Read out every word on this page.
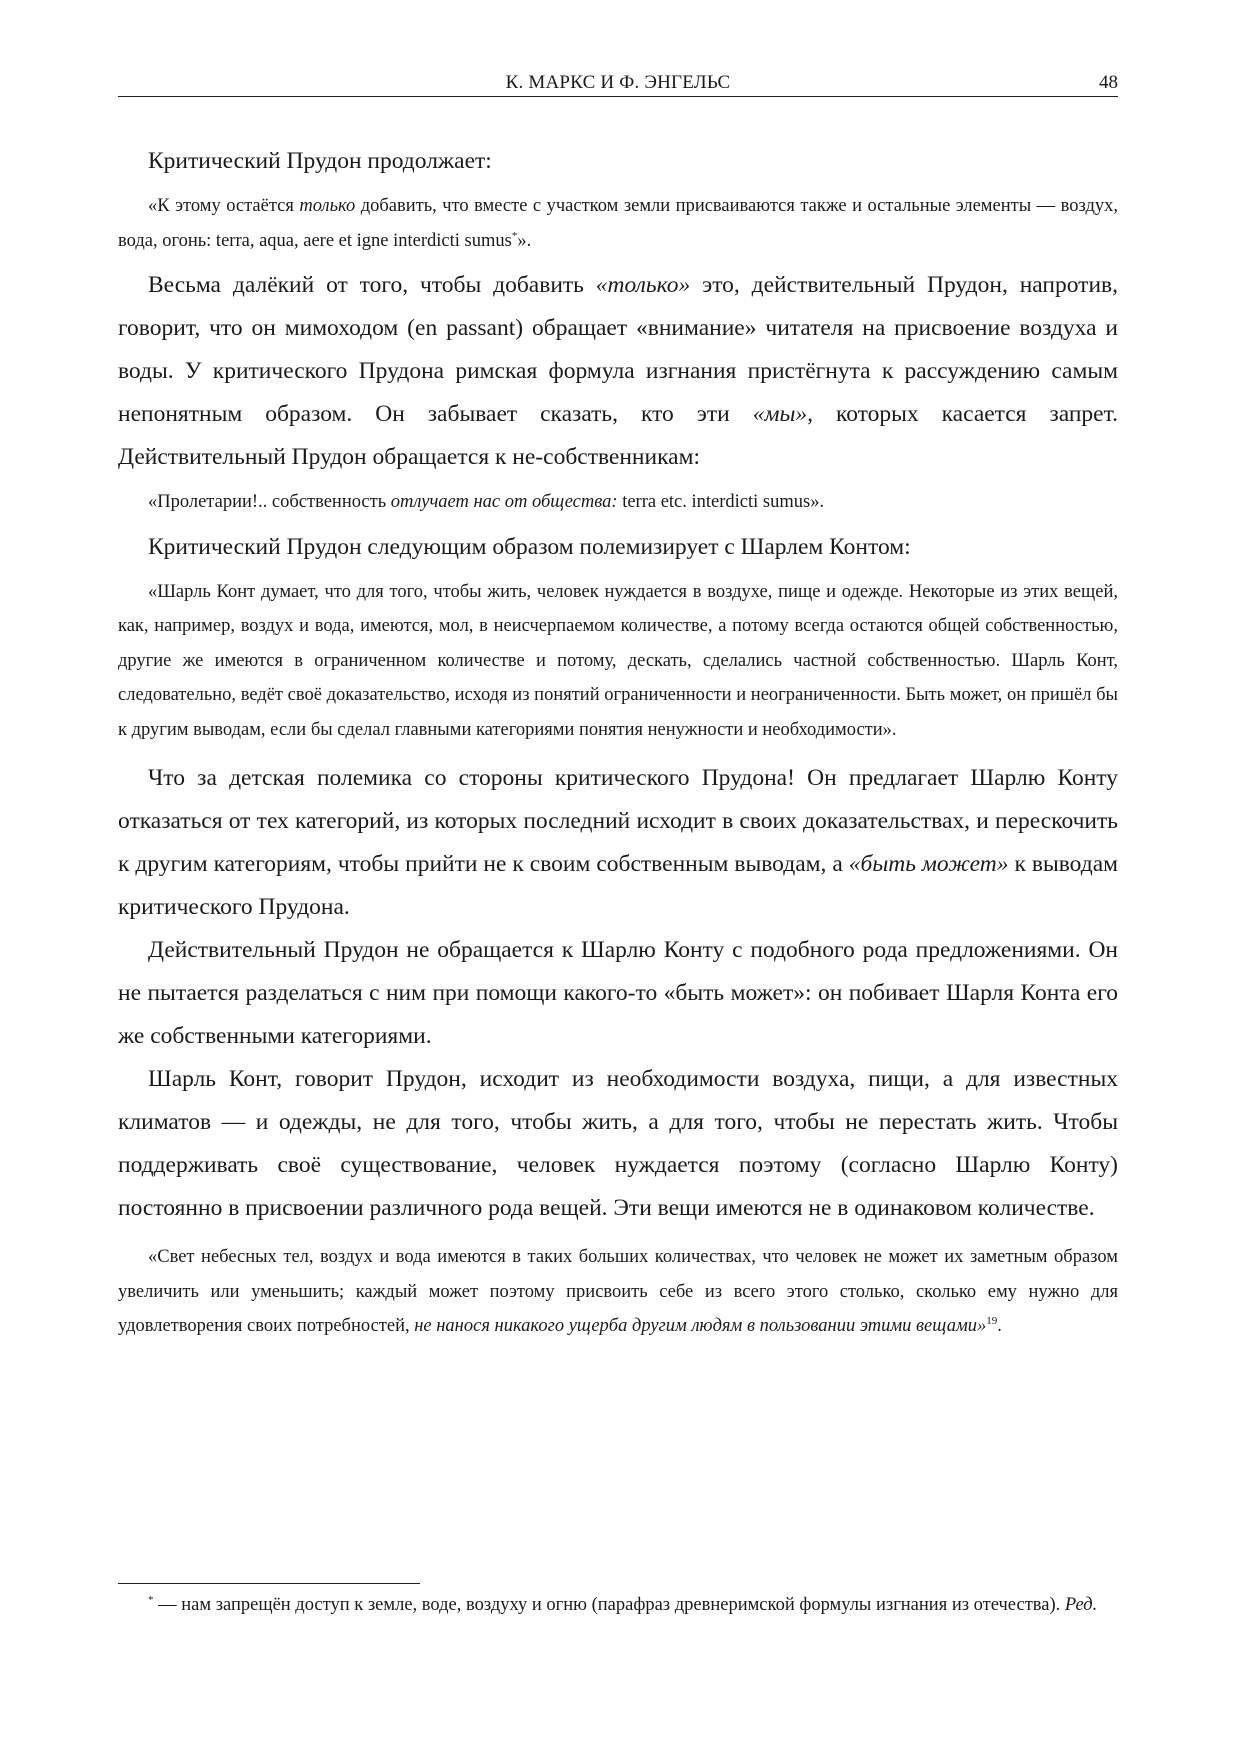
К. МАРКС И Ф. ЭНГЕЛЬС	48

Критический Прудон продолжает:

«К этому остаётся только добавить, что вместе с участком земли присваиваются также и остальные элементы — воздух, вода, огонь: terra, aqua, aere et igne interdicti sumus*».

Весьма далёкий от того, чтобы добавить «только» это, действительный Прудон, напротив, говорит, что он мимоходом (en passant) обращает «внимание» читателя на присвоение воздуха и воды. У критического Прудона римская формула изгнания пристёгнута к рассуждению самым непонятным образом. Он забывает сказать, кто эти «мы», которых касается запрет. Действительный Прудон обращается к не-собственникам:

«Пролетарии!.. собственность отлучает нас от общества: terra etc. interdicti sumus».

Критический Прудон следующим образом полемизирует с Шарлем Контом:

«Шарль Конт думает, что для того, чтобы жить, человек нуждается в воздухе, пище и одежде. Некоторые из этих вещей, как, например, воздух и вода, имеются, мол, в неисчерпаемом количестве, а потому всегда остаются общей собственностью, другие же имеются в ограниченном количестве и потому, дескать, сделались частной собственностью. Шарль Конт, следовательно, ведёт своё доказательство, исходя из понятий ограниченности и неограниченности. Быть может, он пришёл бы к другим выводам, если бы сделал главными категориями понятия ненужности и необходимости».

Что за детская полемика со стороны критического Прудона! Он предлагает Шарлю Конту отказаться от тех категорий, из которых последний исходит в своих доказательствах, и перескочить к другим категориям, чтобы прийти не к своим собственным выводам, а «быть может» к выводам критического Прудона.

Действительный Прудон не обращается к Шарлю Конту с подобного рода предложениями. Он не пытается разделаться с ним при помощи какого-то «быть может»: он побивает Шарля Конта его же собственными категориями.

Шарль Конт, говорит Прудон, исходит из необходимости воздуха, пищи, а для известных климатов — и одежды, не для того, чтобы жить, а для того, чтобы не перестать жить. Чтобы поддерживать своё существование, человек нуждается поэтому (согласно Шарлю Конту) постоянно в присвоении различного рода вещей. Эти вещи имеются не в одинаковом количестве.

«Свет небесных тел, воздух и вода имеются в таких больших количествах, что человек не может их заметным образом увеличить или уменьшить; каждый может поэтому присвоить себе из всего этого столько, сколько ему нужно для удовлетворения своих потребностей, не нанося никакого ущерба другим людям в пользовании этими вещами»$^{19}$.

* — нам запрещён доступ к земле, воде, воздуху и огню (парафраз древнеримской формулы изгнания из отечества). Ред.
